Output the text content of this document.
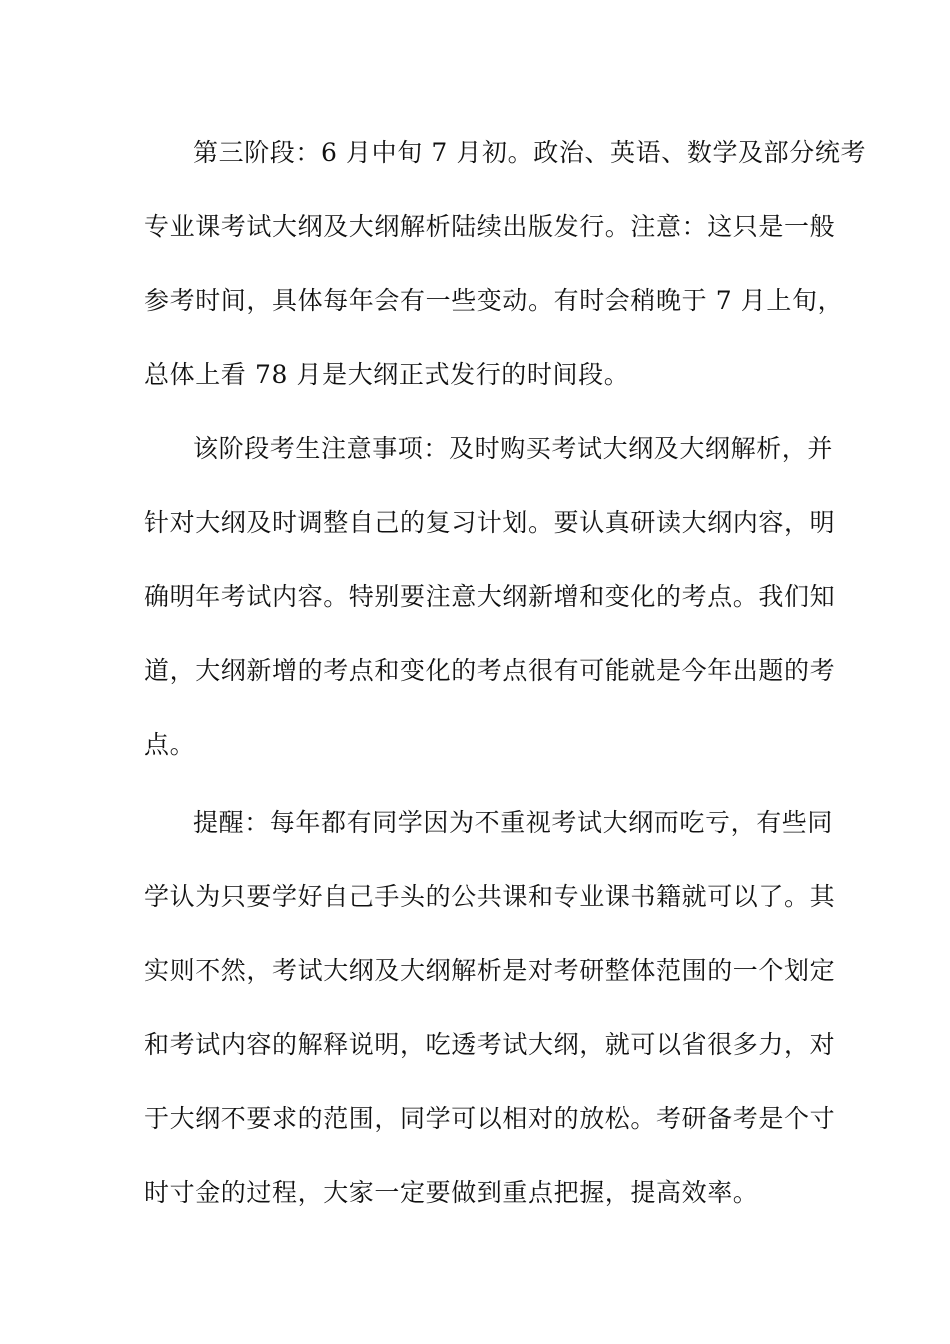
第三阶段：6 月中旬 7 月初。政治、英语、数学及部分统考
专业课考试大纲及大纲解析陆续出版发行。注意：这只是一般
参考时间，具体每年会有一些变动。有时会稍晚于 7 月上旬，
总体上看 78 月是大纲正式发行的时间段。
该阶段考生注意事项：及时购买考试大纲及大纲解析，并
针对大纲及时调整自己的复习计划。要认真研读大纲内容，明
确明年考试内容。特别要注意大纲新增和变化的考点。我们知
道，大纲新增的考点和变化的考点很有可能就是今年出题的考
点。
提醒：每年都有同学因为不重视考试大纲而吃亏，有些同
学认为只要学好自己手头的公共课和专业课书籍就可以了。其
实则不然，考试大纲及大纲解析是对考研整体范围的一个划定
和考试内容的解释说明，吃透考试大纲，就可以省很多力，对
于大纲不要求的范围，同学可以相对的放松。考研备考是个寸
时寸金的过程，大家一定要做到重点把握，提高效率。
